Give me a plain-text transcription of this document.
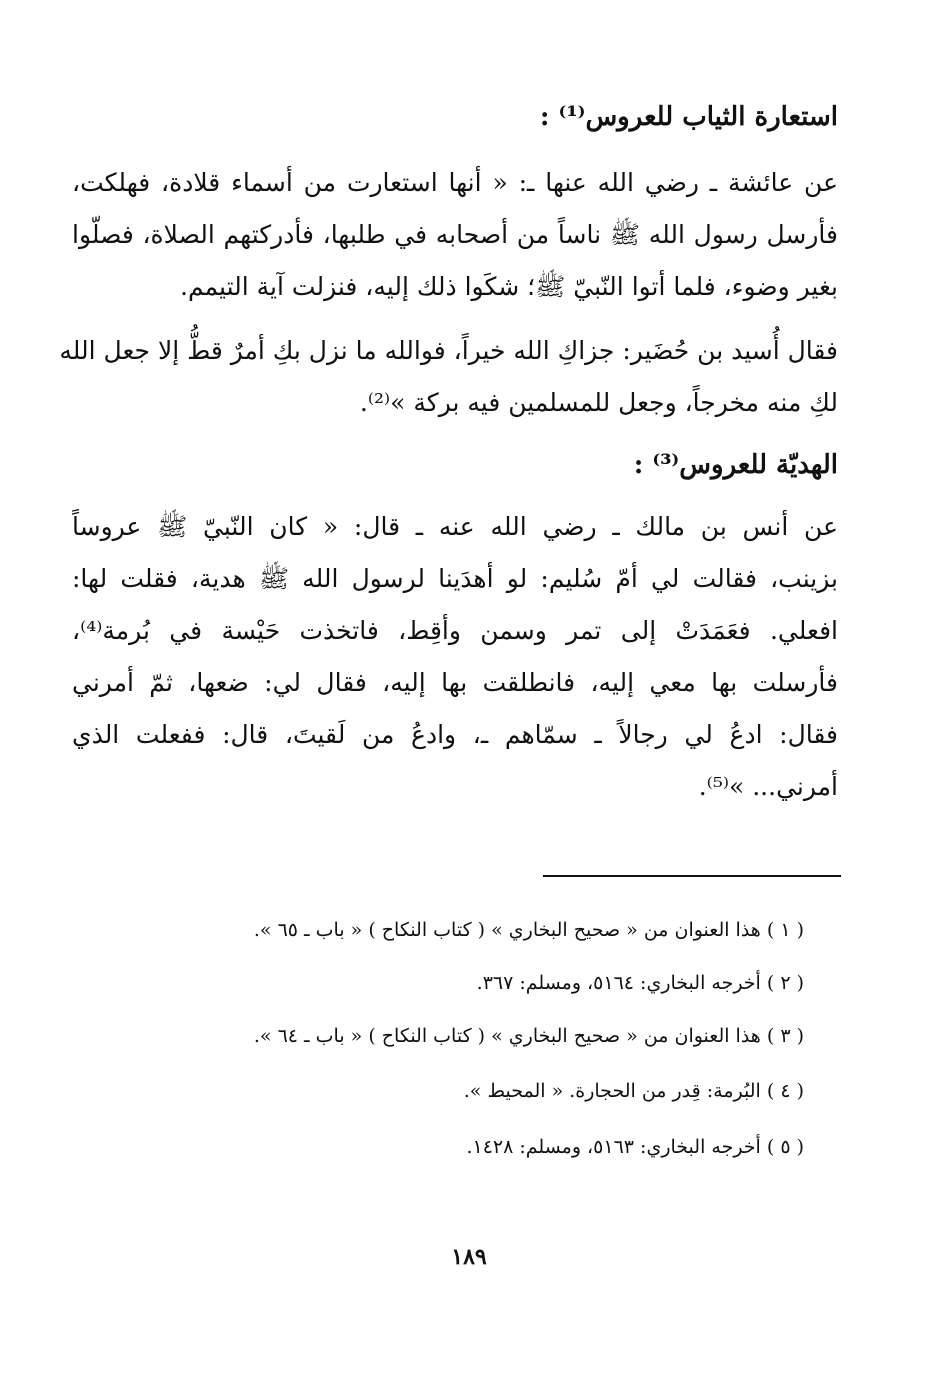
استعارة الثياب للعروس⁽¹⁾ :
عن عائشة ـ رضي الله عنها ـ: « أنها استعارت من أسماء قلادة، فهلكت،
فأرسل رسول الله ﷺ ناساً من أصحابه في طلبها، فأدركتهم الصلاة، فصلّوا
بغير وضوء، فلما أتوا النّبيّ ﷺ؛ شكَوا ذلك إليه، فنزلت آية التيمم.
فقال أُسيد بن حُضَير: جزاكِ الله خيراً، فوالله ما نزل بكِ أمرٌ قطُّ إلا جعل الله
لكِ منه مخرجاً، وجعل للمسلمين فيه بركة »⁽²⁾.
الهديّة للعروس⁽³⁾ :
عن أنس بن مالك ـ رضي الله عنه ـ قال: « كان النّبيّ ﷺ عروساً
بزينب، فقالت لي أمّ سُليم: لو أهدَينا لرسول الله ﷺ هدية، فقلت لها:
افعلي. فعَمَدَتْ إلى تمر وسمن وأقِط، فاتخذت حَيْسة في بُرمة⁽⁴⁾،
فأرسلت بها معي إليه، فانطلقت بها إليه، فقال لي: ضعها، ثمّ أمرني
فقال: ادعُ لي رجالاً ـ سمّاهم ـ، وادعُ من لَقيتَ، قال: ففعلت الذي
أمرني... »⁽⁵⁾.
( ١ ) هذا العنوان من « صحيح البخاري » ( كتاب النكاح ) « باب ـ ٦٥ ».
( ٢ ) أخرجه البخاري: ٥١٦٤، ومسلم: ٣٦٧.
( ٣ ) هذا العنوان من « صحيح البخاري » ( كتاب النكاح ) « باب ـ ٦٤ ».
( ٤ ) البُرمة: قِدر من الحجارة. « المحيط ».
( ٥ ) أخرجه البخاري: ٥١٦٣، ومسلم: ١٤٢٨.
١٨٩
